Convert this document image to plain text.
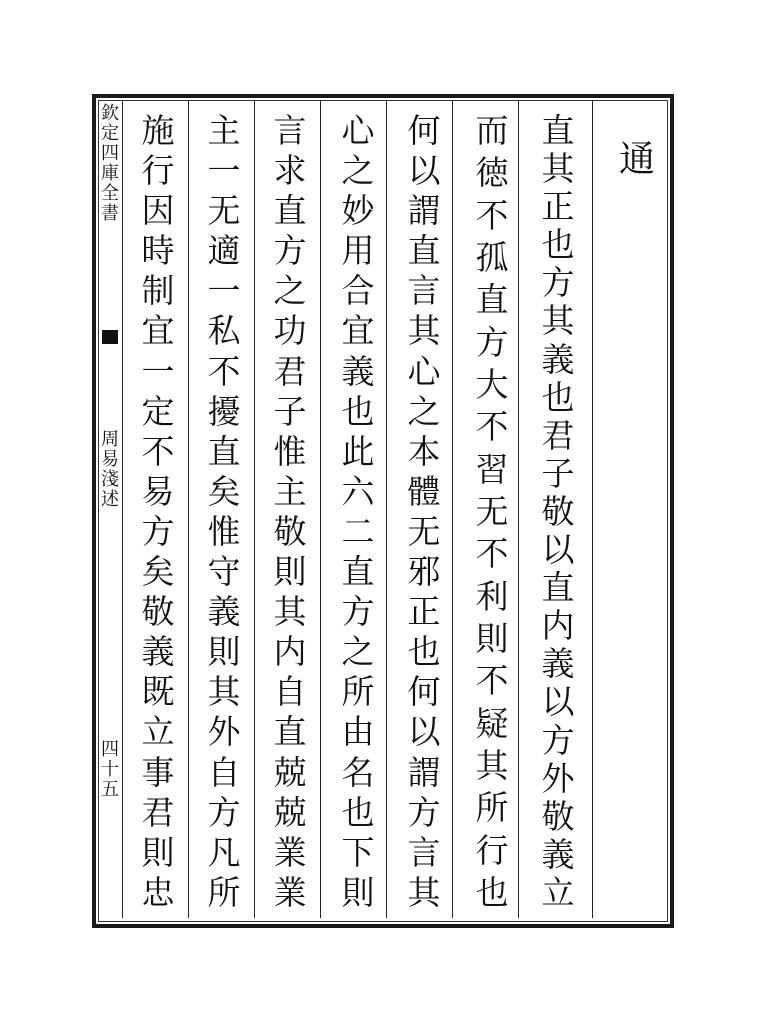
直
其
正
也
方
其
義
也
君
子
敬
以
直
内
義
以
方
外
敬
義
立
而
徳
不
孤
直
方
大
不
習
无
不
利
則
不
疑
其
所
行
也
何
以
謂
直
言
其
心
之
本
體
无
邪
正
也
何
以
謂
方
言
其
心
之
妙
用
合
宜
義
也
此
六
二
直
方
之
所
由
名
也
下
則
言
求
直
方
之
功
君
子
惟
主
敬
則
其
内
自
直
兢
兢
業
業
主
一
无
適
一
私
不
擾
直
矣
惟
守
義
則
其
外
自
方
凡
所
施
行
因
時
制
宜
一
定
不
易
方
矣
敬
義
既
立
事
君
則
忠
通
欽
定
四
庫
全
書
周
易
淺
述
四
十
五
